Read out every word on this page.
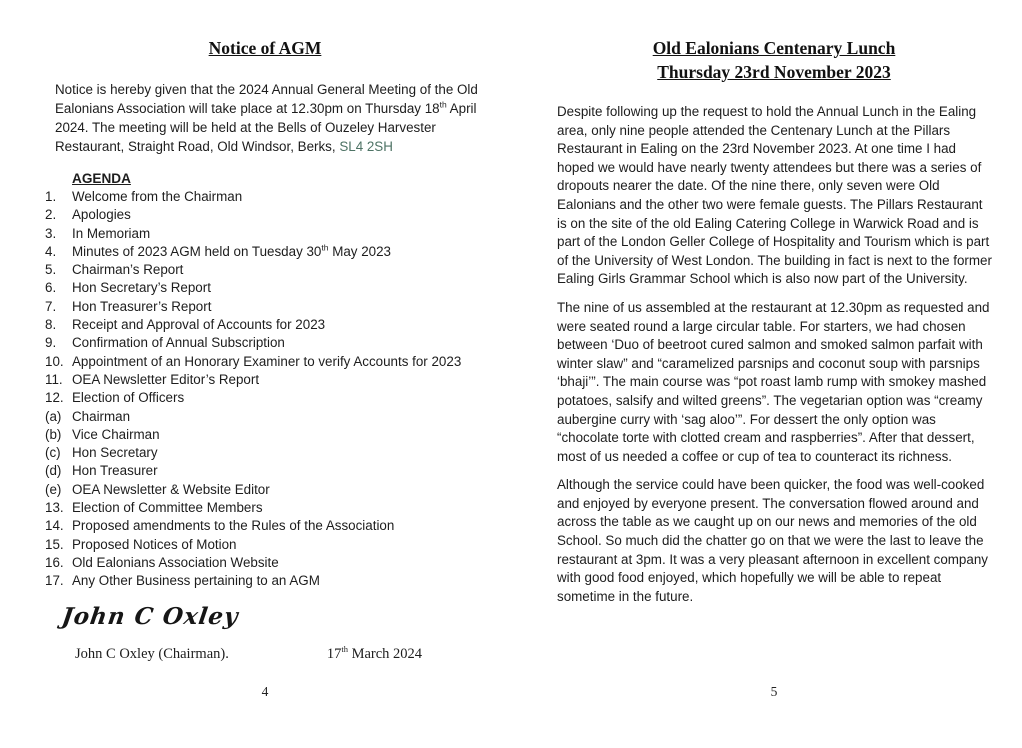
Notice of AGM

Notice is hereby given that the 2024 Annual General Meeting of the Old Ealonians Association will take place at 12.30pm on Thursday 18th April 2024. The meeting will be held at the Bells of Ouzeley Harvester Restaurant, Straight Road, Old Windsor, Berks, SL4 2SH

AGENDA
1.	Welcome from the Chairman
2.	Apologies
3.	In Memoriam
4.	Minutes of 2023 AGM held on Tuesday 30th May 2023
5.	Chairman’s Report
6.	Hon Secretary’s Report
7.	Hon Treasurer’s Report
8.	Receipt and Approval of Accounts for 2023
9.	Confirmation of Annual Subscription
10. Appointment of an Honorary Examiner to verify Accounts for 2023
11. OEA Newsletter Editor’s Report
12. Election of Officers
(a) Chairman
(b) Vice Chairman
(c) Hon Secretary
(d) Hon Treasurer
(e) OEA Newsletter & Website Editor
13. Election of Committee Members
14. Proposed amendments to the Rules of the Association
15. Proposed Notices of Motion
16. Old Ealonians Association Website
17. Any Other Business pertaining to an AGM
John C Oxley
John C Oxley (Chairman).	17th March 2024
Old Ealonians Centenary Lunch
Thursday 23rd November 2023

Despite following up the request to hold the Annual Lunch in the Ealing area, only nine people attended the Centenary Lunch at the Pillars Restaurant in Ealing on the 23rd November 2023. At one time I had hoped we would have nearly twenty attendees but there was a series of dropouts nearer the date. Of the nine there, only seven were Old Ealonians and the other two were female guests. The Pillars Restaurant is on the site of the old Ealing Catering College in Warwick Road and is part of the London Geller College of Hospitality and Tourism which is part of the University of West London. The building in fact is next to the former Ealing Girls Grammar School which is also now part of the University.

The nine of us assembled at the restaurant at 12.30pm as requested and were seated round a large circular table. For starters, we had chosen between ‘Duo of beetroot cured salmon and smoked salmon parfait with winter slaw” and “caramelized parsnips and coconut soup with parsnips ‘bhaji’”. The main course was “pot roast lamb rump with smokey mashed potatoes, salsify and wilted greens”. The vegetarian option was “creamy aubergine curry with ‘sag aloo’”. For dessert the only option was “chocolate torte with clotted cream and raspberries”. After that dessert, most of us needed a coffee or cup of tea to counteract its richness.

Although the service could have been quicker, the food was well-cooked and enjoyed by everyone present. The conversation flowed around and across the table as we caught up on our news and memories of the old School. So much did the chatter go on that we were the last to leave the restaurant at 3pm. It was a very pleasant afternoon in excellent company with good food enjoyed, which hopefully we will be able to repeat sometime in the future.

4	5
